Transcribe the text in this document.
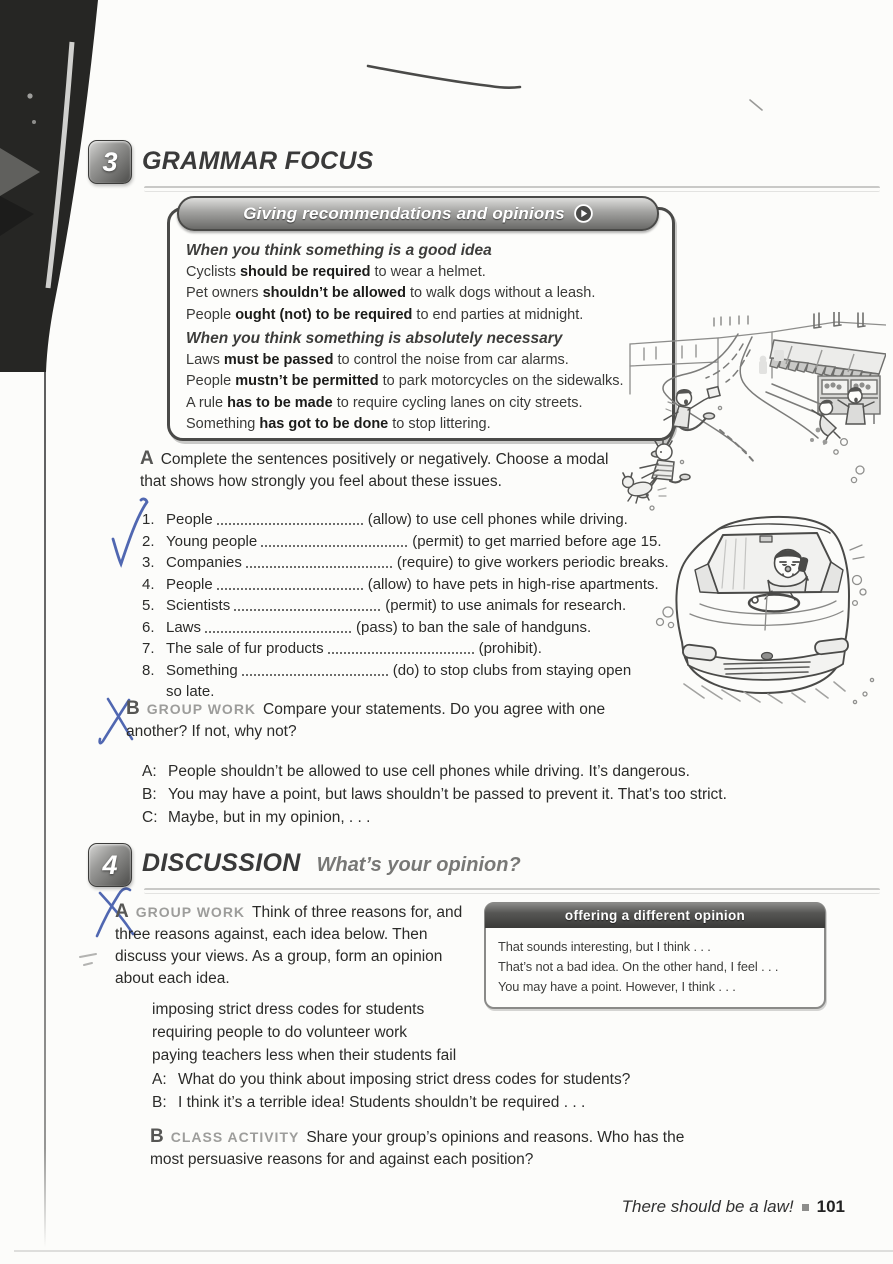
3 GRAMMAR FOCUS
Giving recommendations and opinions
When you think something is a good idea
Cyclists should be required to wear a helmet.
Pet owners shouldn’t be allowed to walk dogs without a leash.
People ought (not) to be required to end parties at midnight.
When you think something is absolutely necessary
Laws must be passed to control the noise from car alarms.
People mustn’t be permitted to park motorcycles on the sidewalks.
A rule has to be made to require cycling lanes on city streets.
Something has got to be done to stop littering.
A Complete the sentences positively or negatively. Choose a modal that shows how strongly you feel about these issues.
1. People	(allow) to use cell phones while driving.
2. Young people	(permit) to get married before age 15.
3. Companies	(require) to give workers periodic breaks.
4. People	(allow) to have pets in high-rise apartments.
5. Scientists	(permit) to use animals for research.
6. Laws	(pass) to ban the sale of handguns.
7. The sale of fur products	(prohibit).
8. Something	(do) to stop clubs from staying open
so late.
B GROUP WORK Compare your statements. Do you agree with one another? If not, why not?
A: People shouldn’t be allowed to use cell phones while driving. It’s dangerous.
B: You may have a point, but laws shouldn’t be passed to prevent it. That’s too strict.
C: Maybe, but in my opinion, . . .
4 DISCUSSION What’s your opinion?
A GROUP WORK Think of three reasons for, and three reasons against, each idea below. Then discuss your views. As a group, form an opinion about each idea.
imposing strict dress codes for students
requiring people to do volunteer work
paying teachers less when their students fail
offering a different opinion
That sounds interesting, but I think . . .
That’s not a bad idea. On the other hand, I feel . . .
You may have a point. However, I think . . .
A: What do you think about imposing strict dress codes for students?
B: I think it’s a terrible idea! Students shouldn’t be required . . .
B CLASS ACTIVITY Share your group’s opinions and reasons. Who has the most persuasive reasons for and against each position?
There should be a law! 101
